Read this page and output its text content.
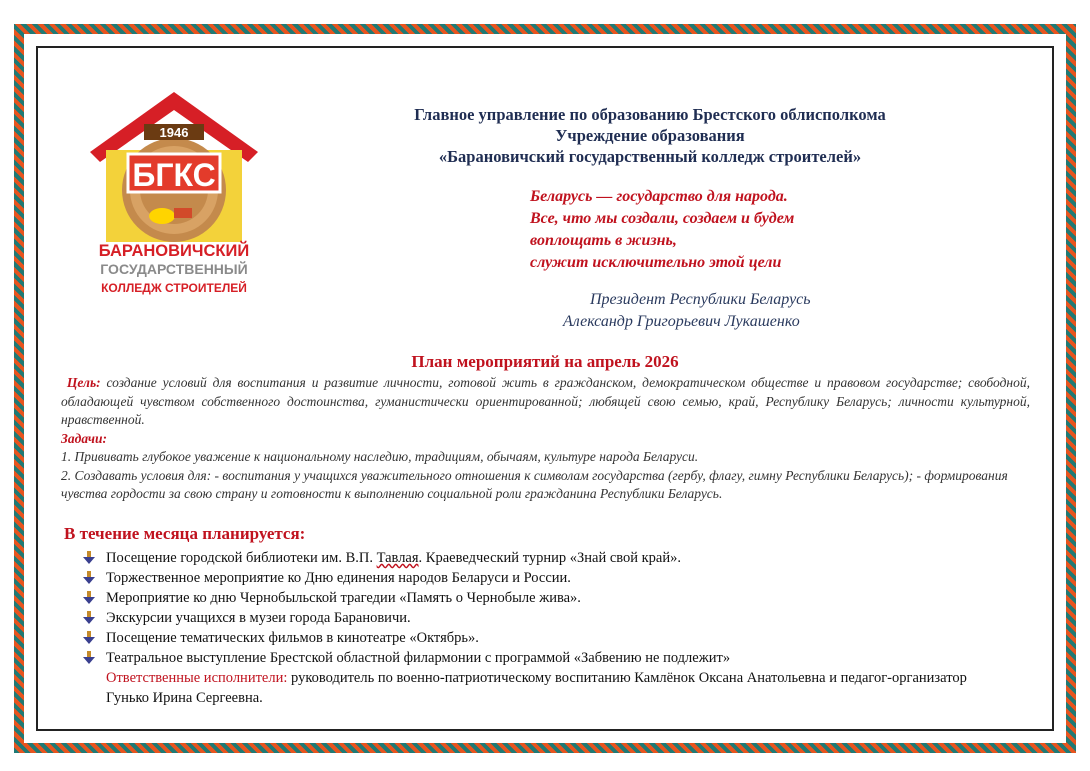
1946
БГКС
БАРАНОВИЧСКИЙ
ГОСУДАРСТВЕННЫЙ
КОЛЛЕДЖ СТРОИТЕЛЕЙ
Главное управление по образованию Брестского облисполкома
Учреждение образования
«Барановичский государственный колледж строителей»
Беларусь — государство для народа.
Все, что мы создали, создаем и будем
воплощать в жизнь,
служит исключительно этой цели
Президент Республики Беларусь
Александр Григорьевич Лукашенко
План мероприятий на апрель 2026
Цель: создание условий для воспитания и развитие личности, готовой жить в гражданском, демократическом обществе и правовом государстве; свободной, обладающей чувством собственного достоинства, гуманистически ориентированной; любящей свою семью, край, Республику Беларусь; личности культурной, нравственной.
Задачи:
1. Прививать глубокое уважение к национальному наследию, традициям, обычаям, культуре народа Беларуси.
2. Создавать условия для: - воспитания у учащихся уважительного отношения к символам государства (гербу, флагу, гимну Республики Беларусь); - формирования чувства гордости за свою страну и готовности к выполнению социальной роли гражданина Республики Беларусь.
В течение месяца планируется:
Посещение городской библиотеки им. В.П. Тавлая. Краеведческий турнир «Знай свой край».
Торжественное мероприятие ко Дню единения народов Беларуси и России.
Мероприятие ко дню Чернобыльской трагедии «Память о Чернобыле жива».
Экскурсии учащихся в музеи города Барановичи.
Посещение тематических фильмов в кинотеатре «Октябрь».
Театральное выступление Брестской областной филармонии с программой «Забвению не подлежит»
Ответственные исполнители: руководитель по военно-патриотическому воспитанию Камлёнок Оксана Анатольевна и педагог-организатор Гунько Ирина Сергеевна.
